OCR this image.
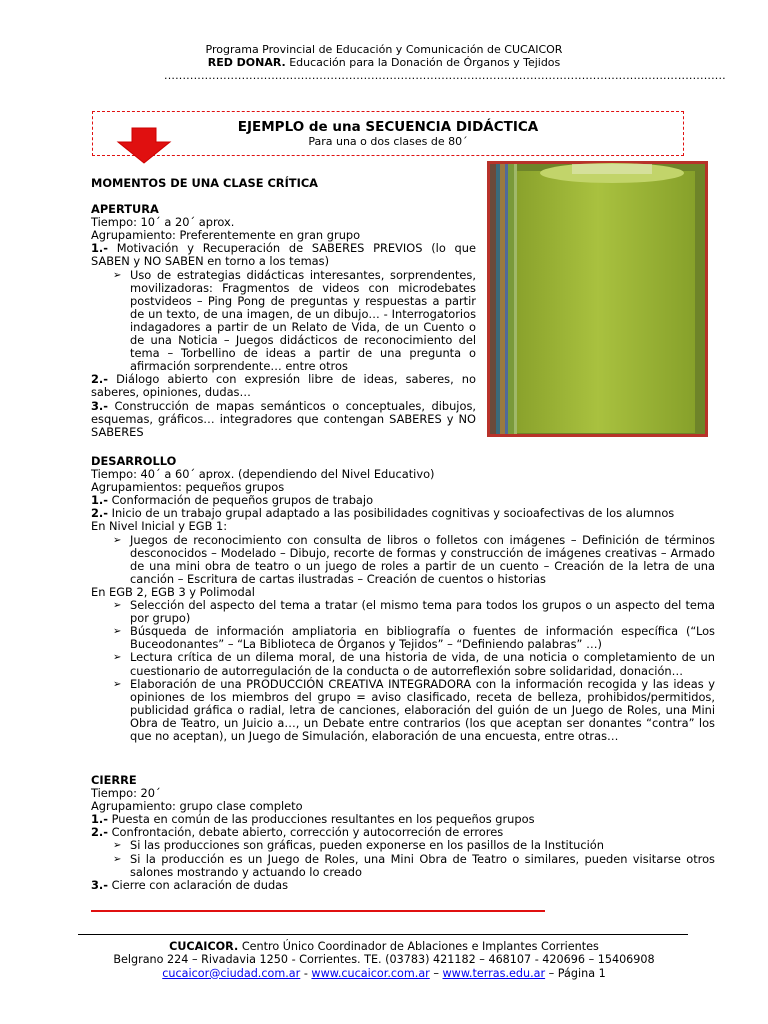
Programa Provincial de Educación y Comunicación de CUCAICOR
RED DONAR. Educación para la Donación de Órganos y Tejidos
........................................................................................................................................................
EJEMPLO de una SECUENCIA DIDÁCTICA
Para una o dos clases de 80´

MOMENTOS DE UNA CLASE CRÍTICA

APERTURA

Tiempo: 10´ a 20´ aprox.

Agrupamiento: Preferentemente en gran grupo

1.- Motivación y Recuperación de SABERES PREVIOS (lo que SABEN y NO SABEN en torno a los temas)

➢ Uso de estrategias didácticas interesantes, sorprendentes, movilizadoras: Fragmentos de videos con microdebates postvideos – Ping Pong de preguntas y respuestas a partir de un texto, de una imagen, de un dibujo… - Interrogatorios indagadores a partir de un Relato de Vida, de un Cuento o de una Noticia – Juegos didácticos de reconocimiento del tema – Torbellino de ideas a partir de una pregunta o afirmación sorprendente… entre otros

2.- Diálogo abierto con expresión libre de ideas, saberes, no saberes, opiniones, dudas…

3.- Construcción de mapas semánticos o conceptuales, dibujos, esquemas, gráficos… integradores que contengan SABERES y NO SABERES

DESARROLLO

Tiempo: 40´ a 60´ aprox. (dependiendo del Nivel Educativo)

Agrupamientos: pequeños grupos

1.- Conformación de pequeños grupos de trabajo

2.- Inicio de un trabajo grupal adaptado a las posibilidades cognitivas y socioafectivas de los alumnos

En Nivel Inicial y EGB 1:

➢ Juegos de reconocimiento con consulta de libros o folletos con imágenes – Definición de términos desconocidos – Modelado – Dibujo, recorte de formas y construcción de imágenes creativas – Armado de una mini obra de teatro o un juego de roles a partir de un cuento – Creación de la letra de una canción – Escritura de cartas ilustradas – Creación de cuentos o historias

En EGB 2, EGB 3 y Polimodal

➢ Selección del aspecto del tema a tratar (el mismo tema para todos los grupos o un aspecto del tema por grupo)

➢ Búsqueda de información ampliatoria en bibliografía o fuentes de información específica (“Los Buceodonantes” – “La Biblioteca de Órganos y Tejidos” – “Definiendo palabras” …)

➢ Lectura crítica de un dilema moral, de una historia de vida, de una noticia o completamiento de un cuestionario de autorregulación de la conducta o de autorreflexión sobre solidaridad, donación…

➢ Elaboración de una PRODUCCIÓN CREATIVA INTEGRADORA con la información recogida y las ideas y opiniones de los miembros del grupo = aviso clasificado, receta de belleza, prohibidos/permitidos, publicidad gráfica o radial, letra de canciones, elaboración del guión de un Juego de Roles, una Mini Obra de Teatro, un Juicio a…, un Debate entre contrarios (los que aceptan ser donantes “contra” los que no aceptan), un Juego de Simulación, elaboración de una encuesta, entre otras…

CIERRE

Tiempo: 20´

Agrupamiento: grupo clase completo

1.- Puesta en común de las producciones resultantes en los pequeños grupos

2.- Confrontación, debate abierto, corrección y autocorreción de errores

➢ Si las producciones son gráficas, pueden exponerse en los pasillos de la Institución

➢ Si la producción es un Juego de Roles, una Mini Obra de Teatro o similares, pueden visitarse otros salones mostrando y actuando lo creado

3.- Cierre con aclaración de dudas

CUCAICOR. Centro Único Coordinador de Ablaciones e Implantes Corrientes
Belgrano 224 – Rivadavia 1250 - Corrientes. TE. (03783) 421182 – 468107 - 420696 – 15406908
cucaicor@ciudad.com.ar - www.cucaicor.com.ar – www.terras.edu.ar – Página 1
